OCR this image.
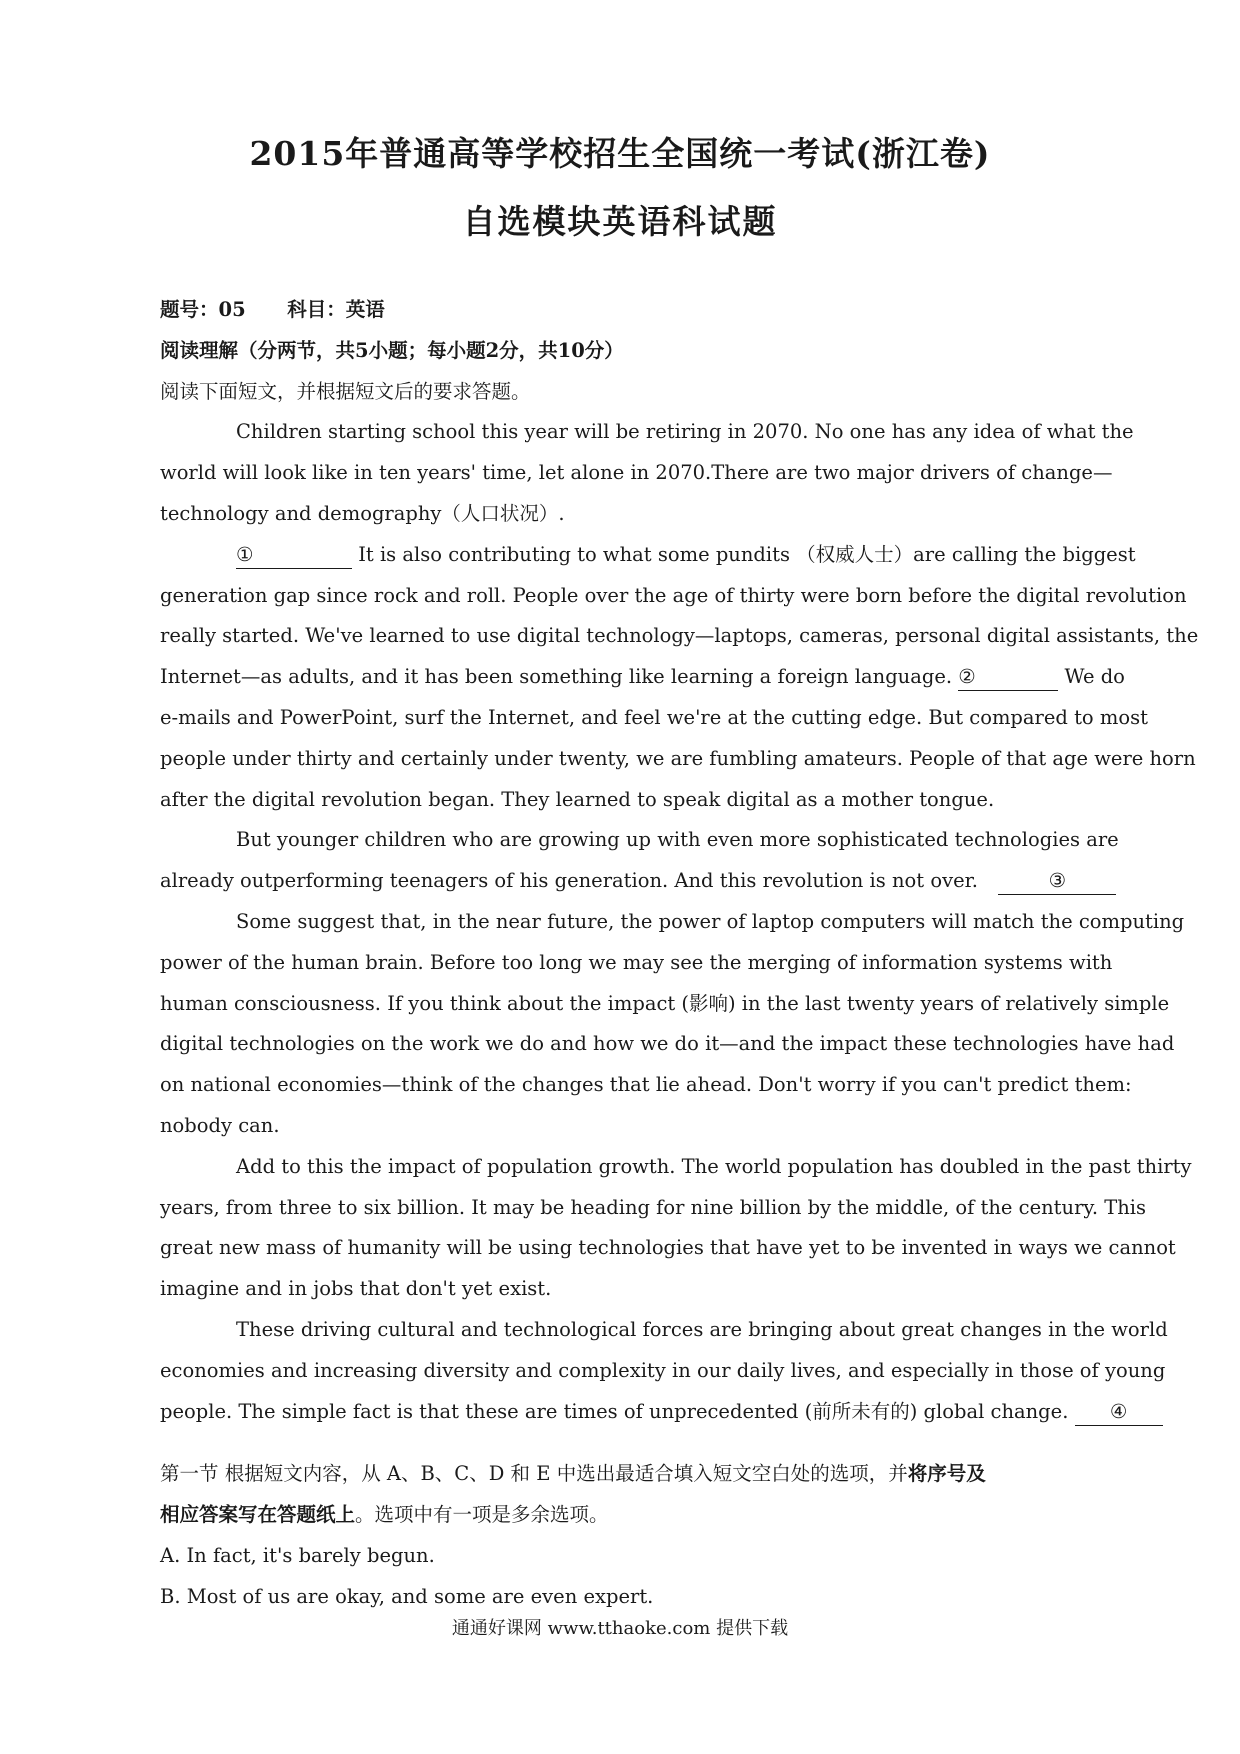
2015年普通高等学校招生全国统一考试(浙江卷)
自选模块英语科试题
题号：05 科目：英语
阅读理解（分两节，共5小题；每小题2分，共10分）
阅读下面短文，并根据短文后的要求答题。
Children starting school this year will be retiring in 2070. No one has any idea of what the
world will look like in ten years' time, let alone in 2070.There are two major drivers of change—
technology and demography（人口状况）.
①	It is also contributing to what some pundits （权威人士）are calling the biggest
generation gap since rock and roll. People over the age of thirty were born before the digital revolution
really started. We've learned to use digital technology—laptops, cameras, personal digital assistants, the
Internet—as adults, and it has been something like learning a foreign language. ②	We do
e-mails and PowerPoint, surf the Internet, and feel we're at the cutting edge. But compared to most
people under thirty and certainly under twenty, we are fumbling amateurs. People of that age were horn
after the digital revolution began. They learned to speak digital as a mother tongue.
But younger children who are growing up with even more sophisticated technologies are
already outperforming teenagers of his generation. And this revolution is not over.	③
Some suggest that, in the near future, the power of laptop computers will match the computing
power of the human brain. Before too long we may see the merging of information systems with
human consciousness. If you think about the impact (影响) in the last twenty years of relatively simple
digital technologies on the work we do and how we do it—and the impact these technologies have had
on national economies—think of the changes that lie ahead. Don't worry if you can't predict them:
nobody can.
Add to this the impact of population growth. The world population has doubled in the past thirty
years, from three to six billion. It may be heading for nine billion by the middle, of the century. This
great new mass of humanity will be using technologies that have yet to be invented in ways we cannot
imagine and in jobs that don't yet exist.
These driving cultural and technological forces are bringing about great changes in the world
economies and increasing diversity and complexity in our daily lives, and especially in those of young
people. The simple fact is that these are times of unprecedented (前所未有的) global change. ④
第一节 根据短文内容，从 A、B、C、D 和 E 中选出最适合填入短文空白处的选项，并将序号及
相应答案写在答题纸上。选项中有一项是多余选项。
A. In fact, it's barely begun.
B. Most of us are okay, and some are even expert.
通通好课网 www.tthaoke.com 提供下载
